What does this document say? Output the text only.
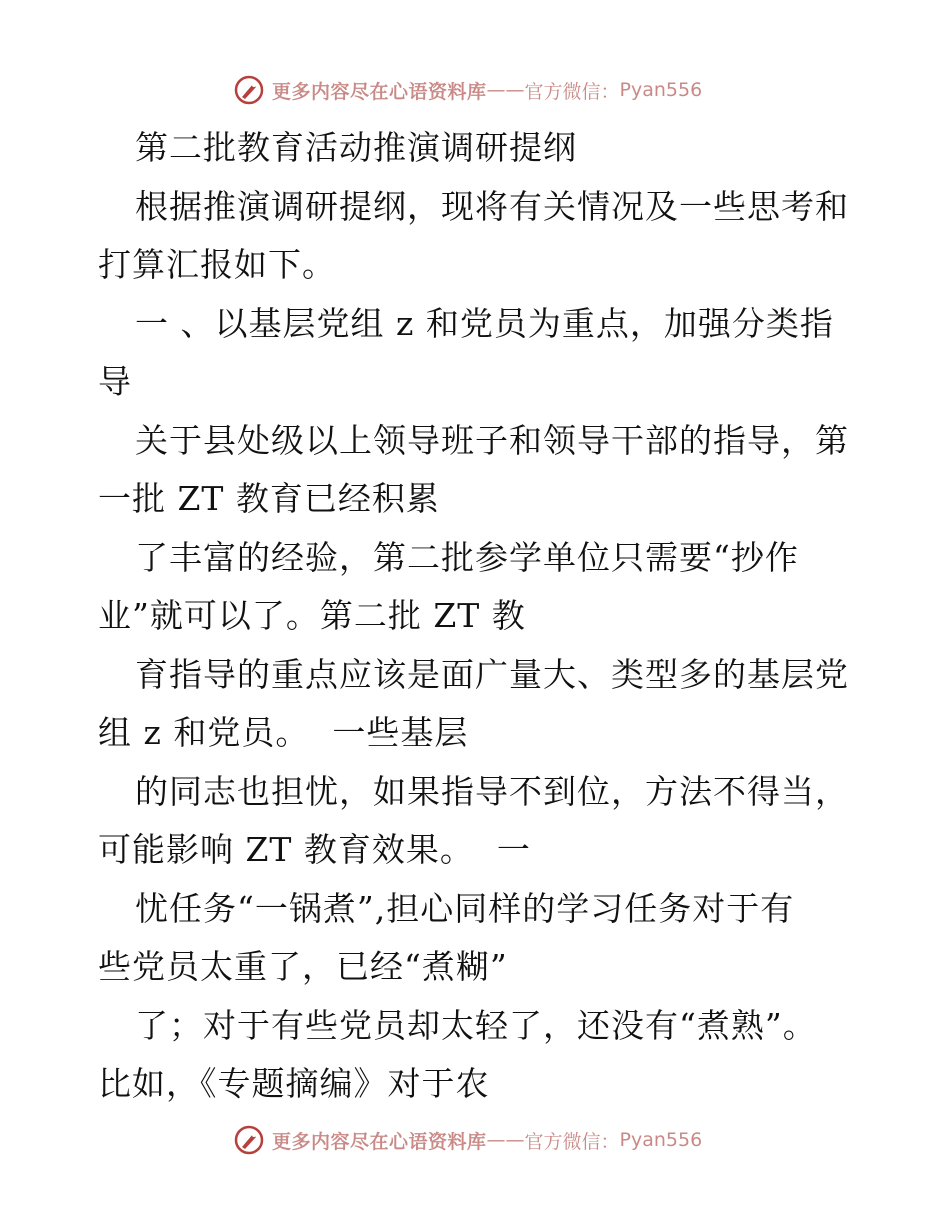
更多内容尽在心语资料库 —— 官方微信： Pyan556
第二批教育活动推演调研提纲
根据推演调研提纲，现将有关情况及一些思考和
打算汇报如下。
一 、以基层党组 z 和党员为重点，加强分类指
导
关于县处级以上领导班子和领导干部的指导，第
一批 ZT 教育已经积累
了丰富的经验，第二批参学单位只需要“抄作
业”就可以了。第二批 ZT 教
育指导的重点应该是面广量大、类型多的基层党
组 z 和党员。  一些基层
的同志也担忧，如果指导不到位，方法不得当，
可能影响 ZT 教育效果。  一
忧任务“一锅煮”,担心同样的学习任务对于有
些党员太重了，已经“煮糊”
了；对于有些党员却太轻了，还没有“煮熟”。
比如，《专题摘编》对于农
更多内容尽在心语资料库 —— 官方微信： Pyan556
